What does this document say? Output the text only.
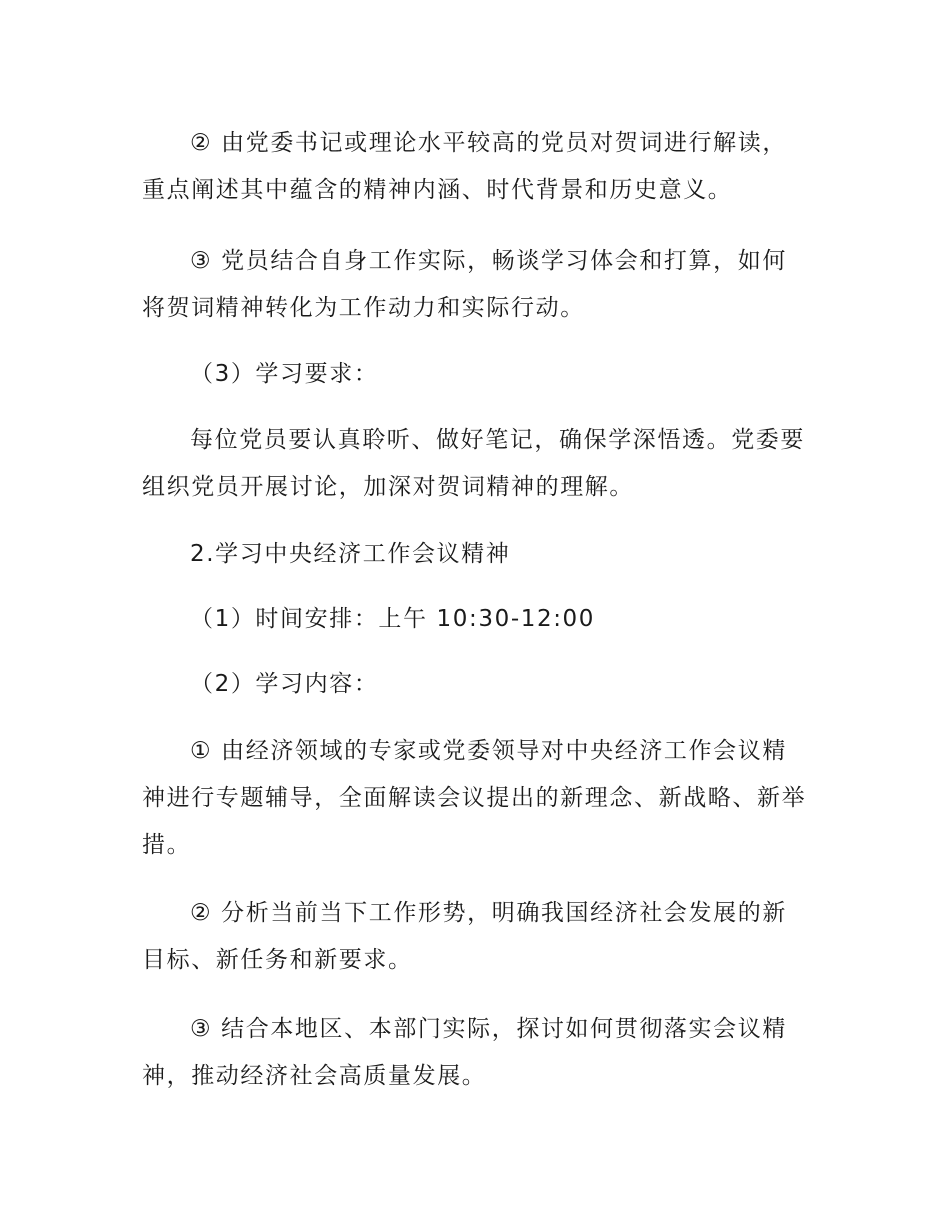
② 由党委书记或理论水平较高的党员对贺词进行解读，
重点阐述其中蕴含的精神内涵、时代背景和历史意义。

③ 党员结合自身工作实际，畅谈学习体会和打算，如何
将贺词精神转化为工作动力和实际行动。

（3）学习要求：

每位党员要认真聆听、做好笔记，确保学深悟透。党委要
组织党员开展讨论，加深对贺词精神的理解。

2.学习中央经济工作会议精神

（1）时间安排：上午 10:30-12:00

（2）学习内容：

① 由经济领域的专家或党委领导对中央经济工作会议精
神进行专题辅导，全面解读会议提出的新理念、新战略、新举
措。

② 分析当前当下工作形势，明确我国经济社会发展的新
目标、新任务和新要求。

③ 结合本地区、本部门实际，探讨如何贯彻落实会议精
神，推动经济社会高质量发展。
